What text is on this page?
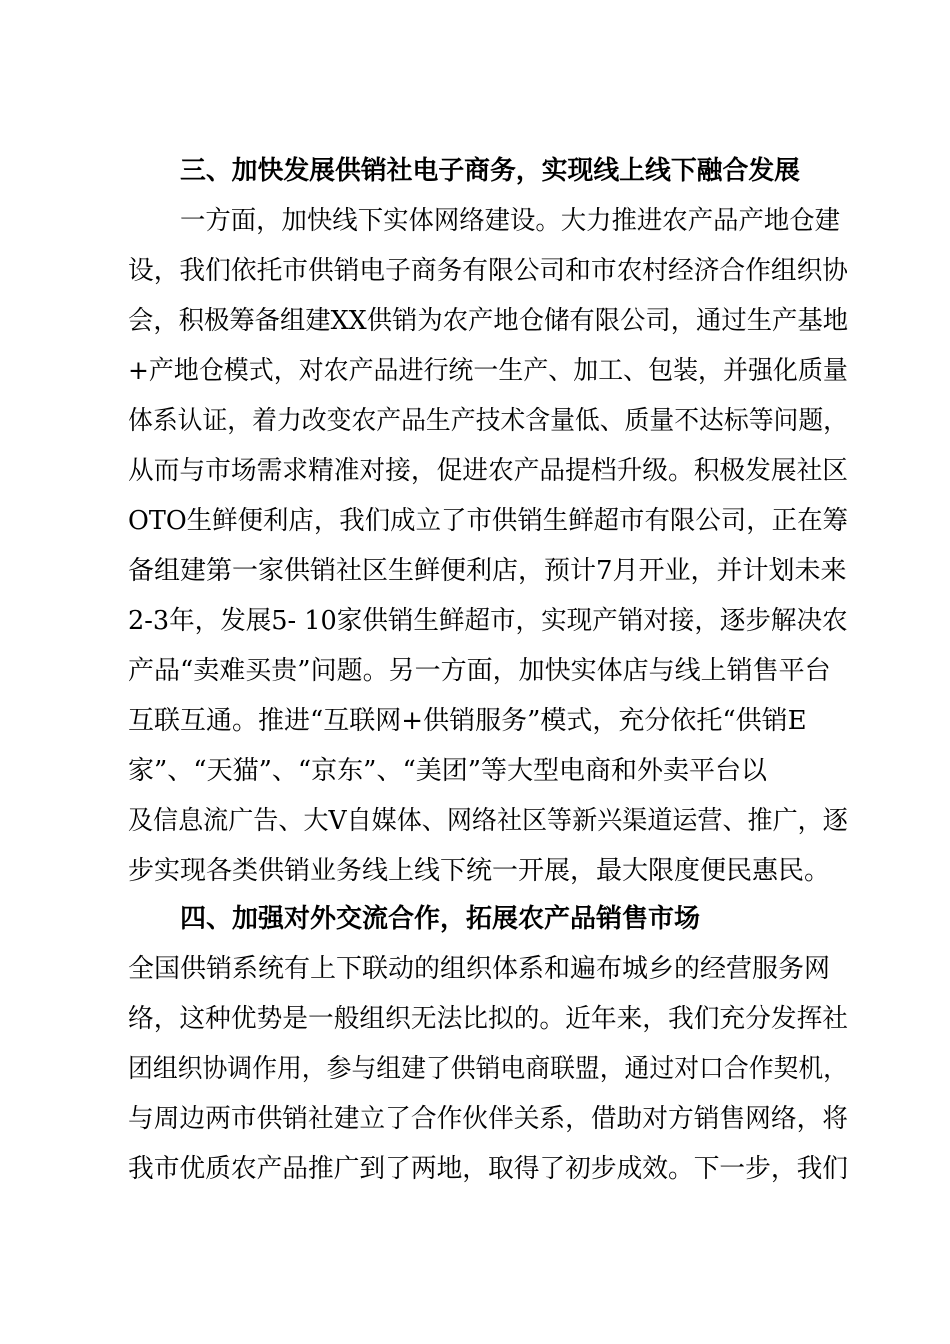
三、加快发展供销社电子商务，实现线上线下融合发展
一方面，加快线下实体网络建设。大力推进农产品产地仓建
设，我们依托市供销电子商务有限公司和市农村经济合作组织协
会，积极筹备组建XX供销为农产地仓储有限公司，通过生产基地
+产地仓模式，对农产品进行统一生产、加工、包装，并强化质量
体系认证，着力改变农产品生产技术含量低、质量不达标等问题，
从而与市场需求精准对接，促进农产品提档升级。积极发展社区
OTO生鲜便利店，我们成立了市供销生鲜超市有限公司，正在筹
备组建第一家供销社区生鲜便利店，预计7月开业，并计划未来
2-3年，发展5- 10家供销生鲜超市，实现产销对接，逐步解决农
产品“卖难买贵”问题。另一方面，加快实体店与线上销售平台
互联互通。推进“互联网+供销服务”模式，充分依托“供销E
家”、“天猫”、“京东”、“美团”等大型电商和外卖平台以
及信息流广告、大V自媒体、网络社区等新兴渠道运营、推广，逐
步实现各类供销业务线上线下统一开展，最大限度便民惠民。
四、加强对外交流合作，拓展农产品销售市场
全国供销系统有上下联动的组织体系和遍布城乡的经营服务网
络，这种优势是一般组织无法比拟的。近年来，我们充分发挥社
团组织协调作用，参与组建了供销电商联盟，通过对口合作契机，
与周边两市供销社建立了合作伙伴关系，借助对方销售网络，将
我市优质农产品推广到了两地，取得了初步成效。下一步，我们
